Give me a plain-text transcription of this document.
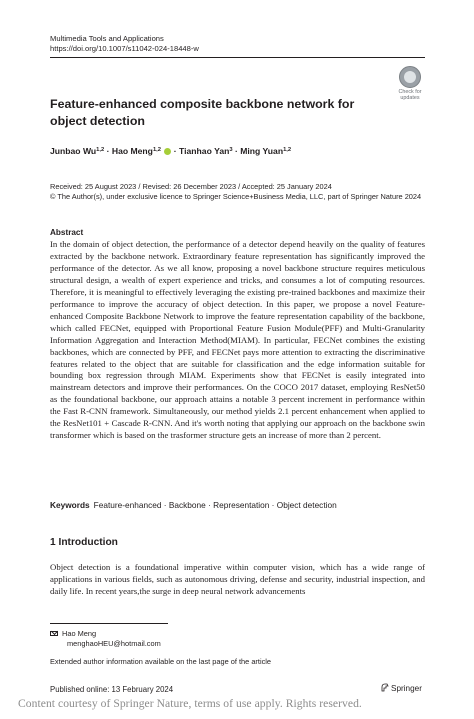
Multimedia Tools and Applications
https://doi.org/10.1007/s11042-024-18448-w
Check for
updates
Feature-enhanced composite backbone network for object detection
Junbao Wu$^{1,2}$ · Hao Meng$^{1,2}$ · Tianhao Yan$^3$ · Ming Yuan$^{1,2}$
Received: 25 August 2023 / Revised: 26 December 2023 / Accepted: 25 January 2024
© The Author(s), under exclusive licence to Springer Science+Business Media, LLC, part of Springer Nature 2024
Abstract
In the domain of object detection, the performance of a detector depend heavily on the quality of features extracted by the backbone network. Extraordinary feature representation has significantly improved the performance of the detector. As we all know, proposing a novel backbone structure requires meticulous structural design, a wealth of expert experience and tricks, and consumes a lot of computing resources. Therefore, it is meaningful to effectively leveraging the existing pre-trained backbones and maximize their performance to improve the accuracy of object detection. In this paper, we propose a novel Feature-enhanced Composite Backbone Network to improve the feature representation capability of the backbone, which called FECNet, equipped with Proportional Feature Fusion Module(PFF) and Multi-Granularity Information Aggregation and Interaction Method(MIAM). In particular, FECNet combines the existing backbones, which are connected by PFF, and FECNet pays more attention to extracting the discriminative features related to the object that are suitable for classification and the edge information suitable for bounding box regression through MIAM. Experiments show that FECNet is easily integrated into mainstream detectors and improve their performances. On the COCO 2017 dataset, employing ResNet50 as the foundational backbone, our approach attains a notable 3 percent increment in performance within the Fast R-CNN framework. Simultaneously, our method yields 2.1 percent enhancement when applied to the ResNet101 + Cascade R-CNN. And it's worth noting that applying our approach on the backbone swin transformer which is based on the trasformer structure gets an increase of more than 2 percent.
Keywords Feature-enhanced · Backbone · Representation · Object detection
1 Introduction
Object detection is a foundational imperative within computer vision, which has a wide range of applications in various fields, such as autonomous driving, defense and security, industrial inspection, and daily life. In recent years,the surge in deep neural network advancements
Hao Meng
menghaoHEU@hotmail.com
Extended author information available on the last page of the article
Published online: 13 February 2024	Springer
Content courtesy of Springer Nature, terms of use apply. Rights reserved.
